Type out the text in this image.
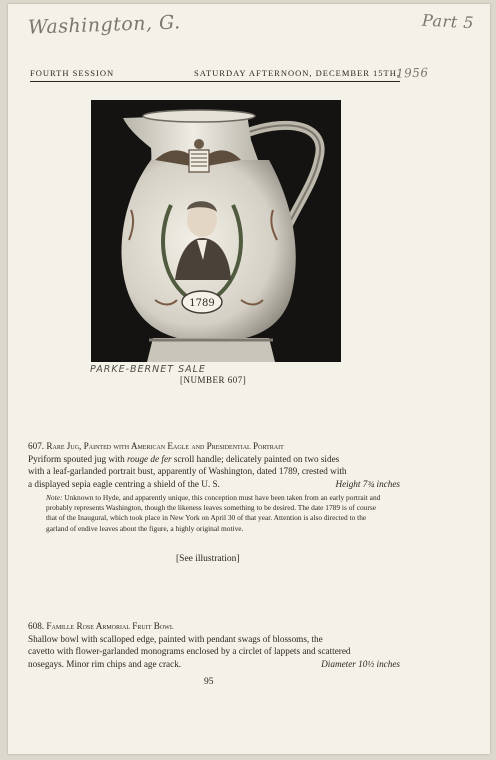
Washington, G.	Part 5
FOURTH SESSION	SATURDAY AFTERNOON, DECEMBER 15TH,
1956
1789
PARKE-BERNET SALE
[NUMBER 607]
607. Rare Jug, Painted with American Eagle and Presidential Portrait
Pyriform spouted jug with rouge de fer scroll handle; delicately painted on two sides
with a leaf-garlanded portrait bust, apparently of Washington, dated 1789, crested with
a displayed sepia eagle centring a shield of the U. S.	Height 7¾ inches
Note: Unknown to Hyde, and apparently unique, this conception must have been taken from an early portrait and probably represents Washington, though the likeness leaves something to be desired. The date 1789 is of course that of the Inaugural, which took place in New York on April 30 of that year. Attention is also directed to the garland of endive leaves about the figure, a highly original motive.
[See illustration]
608. Famille Rose Armorial Fruit Bowl
Shallow bowl with scalloped edge, painted with pendant swags of blossoms, the
cavetto with flower-garlanded monograms enclosed by a circlet of lappets and scattered
nosegays. Minor rim chips and age crack.	Diameter 10½ inches
95
